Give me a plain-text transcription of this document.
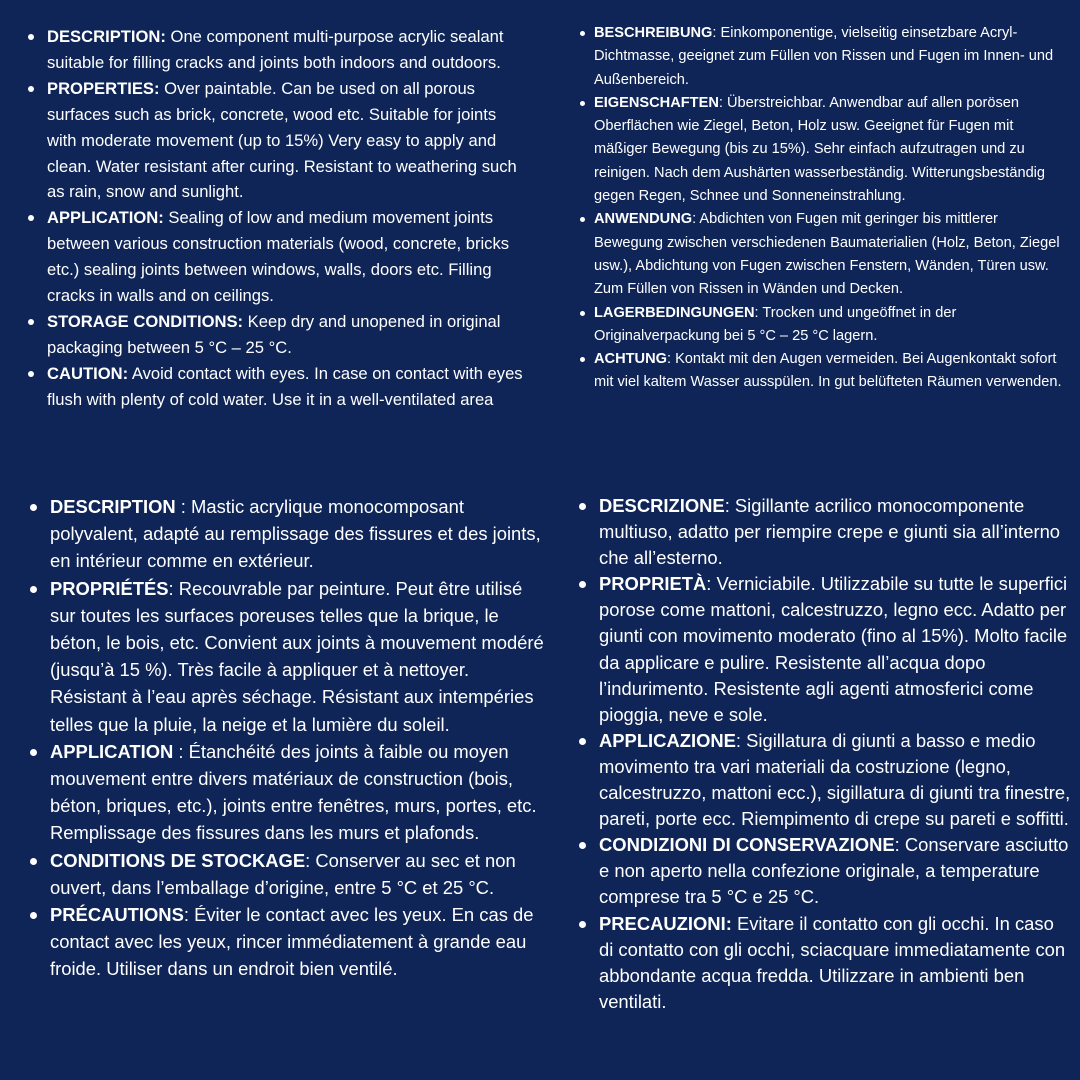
DESCRIPTION: One component multi-purpose acrylic sealant suitable for filling cracks and joints both indoors and outdoors.
PROPERTIES: Over paintable. Can be used on all porous surfaces such as brick, concrete, wood etc. Suitable for joints with moderate movement (up to 15%) Very easy to apply and clean. Water resistant after curing. Resistant to weathering such as rain, snow and sunlight.
APPLICATION: Sealing of low and medium movement joints between various construction materials (wood, concrete, bricks etc.) sealing joints between windows, walls, doors etc. Filling cracks in walls and on ceilings.
STORAGE CONDITIONS: Keep dry and unopened in original packaging between 5 °C – 25 °C.
CAUTION: Avoid contact with eyes. In case on contact with eyes flush with plenty of cold water. Use it in a well-ventilated area
BESCHREIBUNG: Einkomponentige, vielseitig einsetzbare Acryl-Dichtmasse, geeignet zum Füllen von Rissen und Fugen im Innen- und Außenbereich.
EIGENSCHAFTEN: Überstreichbar. Anwendbar auf allen porösen Oberflächen wie Ziegel, Beton, Holz usw. Geeignet für Fugen mit mäßiger Bewegung (bis zu 15%). Sehr einfach aufzutragen und zu reinigen. Nach dem Aushärten wasserbeständig. Witterungsbeständig gegen Regen, Schnee und Sonneneinstrahlung.
ANWENDUNG: Abdichten von Fugen mit geringer bis mittlerer Bewegung zwischen verschiedenen Baumaterialien (Holz, Beton, Ziegel usw.), Abdichtung von Fugen zwischen Fenstern, Wänden, Türen usw. Zum Füllen von Rissen in Wänden und Decken.
LAGERBEDINGUNGEN: Trocken und ungeöffnet in der Originalverpackung bei 5 °C – 25 °C lagern.
ACHTUNG: Kontakt mit den Augen vermeiden. Bei Augenkontakt sofort mit viel kaltem Wasser ausspülen. In gut belüfteten Räumen verwenden.
DESCRIPTION : Mastic acrylique monocomposant polyvalent, adapté au remplissage des fissures et des joints, en intérieur comme en extérieur.
PROPRIÉTÉS: Recouvrable par peinture. Peut être utilisé sur toutes les surfaces poreuses telles que la brique, le béton, le bois, etc. Convient aux joints à mouvement modéré (jusqu’à 15 %). Très facile à appliquer et à nettoyer. Résistant à l’eau après séchage. Résistant aux intempéries telles que la pluie, la neige et la lumière du soleil.
APPLICATION : Étanchéité des joints à faible ou moyen mouvement entre divers matériaux de construction (bois, béton, briques, etc.), joints entre fenêtres, murs, portes, etc. Remplissage des fissures dans les murs et plafonds.
CONDITIONS DE STOCKAGE: Conserver au sec et non ouvert, dans l’emballage d’origine, entre 5 °C et 25 °C.
PRÉCAUTIONS: Éviter le contact avec les yeux. En cas de contact avec les yeux, rincer immédiatement à grande eau froide. Utiliser dans un endroit bien ventilé.
DESCRIZIONE: Sigillante acrilico monocomponente multiuso, adatto per riempire crepe e giunti sia all’interno che all’esterno.
PROPRIETÀ: Verniciabile. Utilizzabile su tutte le superfici porose come mattoni, calcestruzzo, legno ecc. Adatto per giunti con movimento moderato (fino al 15%). Molto facile da applicare e pulire. Resistente all’acqua dopo l’indurimento. Resistente agli agenti atmosferici come pioggia, neve e sole.
APPLICAZIONE: Sigillatura di giunti a basso e medio movimento tra vari materiali da costruzione (legno, calcestruzzo, mattoni ecc.), sigillatura di giunti tra finestre, pareti, porte ecc. Riempimento di crepe su pareti e soffitti.
CONDIZIONI DI CONSERVAZIONE: Conservare asciutto e non aperto nella confezione originale, a temperature comprese tra 5 °C e 25 °C.
PRECAUZIONI: Evitare il contatto con gli occhi. In caso di contatto con gli occhi, sciacquare immediatamente con abbondante acqua fredda. Utilizzare in ambienti ben ventilati.
